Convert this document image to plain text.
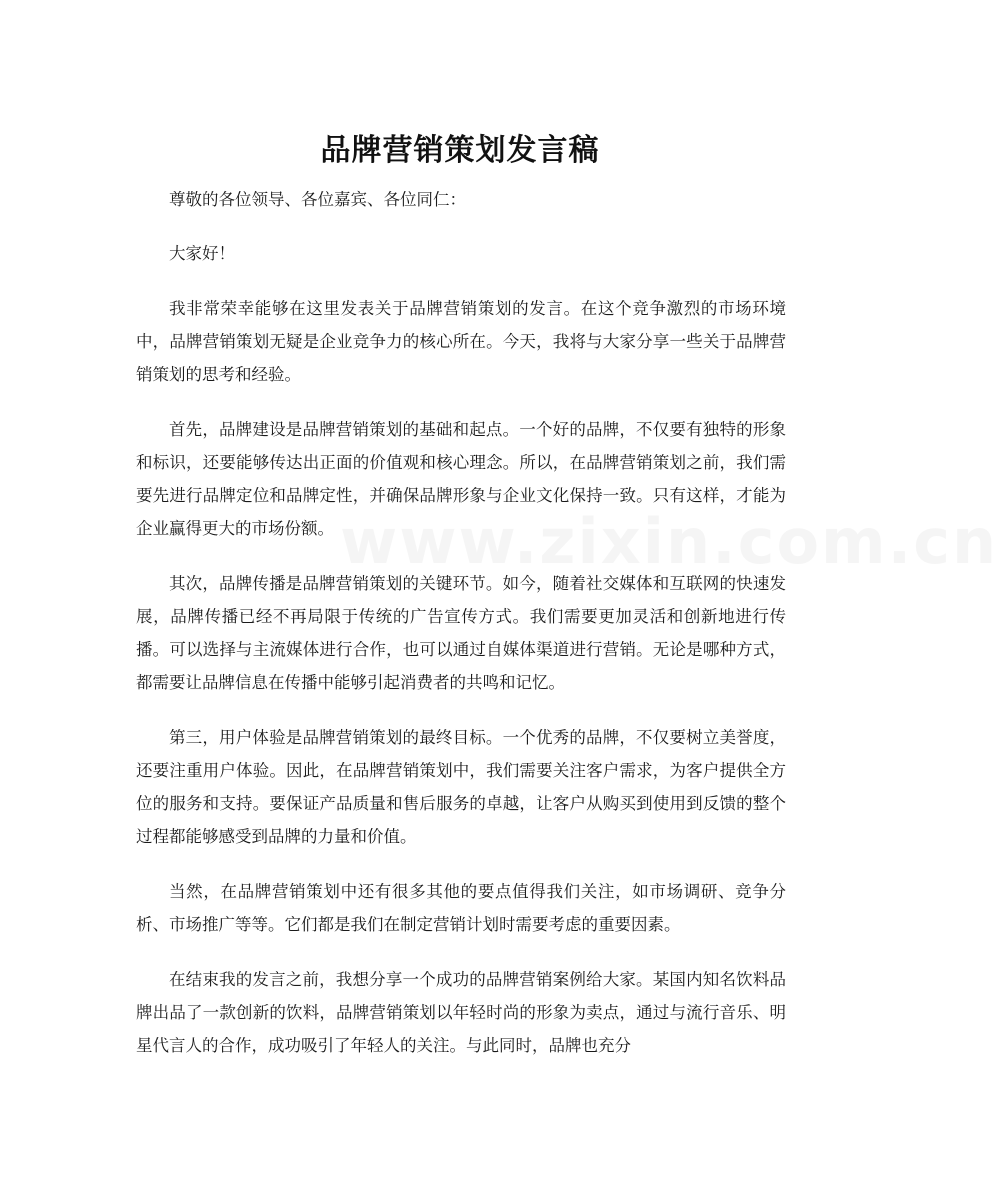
www.zixin.com.cn
品牌营销策划发言稿

尊敬的各位领导、各位嘉宾、各位同仁：

大家好！

我非常荣幸能够在这里发表关于品牌营销策划的发言。在这个竞争激烈的市场环境中，品牌营销策划无疑是企业竞争力的核心所在。今天，我将与大家分享一些关于品牌营销策划的思考和经验。

首先，品牌建设是品牌营销策划的基础和起点。一个好的品牌，不仅要有独特的形象和标识，还要能够传达出正面的价值观和核心理念。所以，在品牌营销策划之前，我们需要先进行品牌定位和品牌定性，并确保品牌形象与企业文化保持一致。只有这样，才能为企业赢得更大的市场份额。

其次，品牌传播是品牌营销策划的关键环节。如今，随着社交媒体和互联网的快速发展，品牌传播已经不再局限于传统的广告宣传方式。我们需要更加灵活和创新地进行传播。可以选择与主流媒体进行合作，也可以通过自媒体渠道进行营销。无论是哪种方式，都需要让品牌信息在传播中能够引起消费者的共鸣和记忆。

第三，用户体验是品牌营销策划的最终目标。一个优秀的品牌，不仅要树立美誉度，还要注重用户体验。因此，在品牌营销策划中，我们需要关注客户需求，为客户提供全方位的服务和支持。要保证产品质量和售后服务的卓越，让客户从购买到使用到反馈的整个过程都能够感受到品牌的力量和价值。

当然，在品牌营销策划中还有很多其他的要点值得我们关注，如市场调研、竞争分析、市场推广等等。它们都是我们在制定营销计划时需要考虑的重要因素。

在结束我的发言之前，我想分享一个成功的品牌营销案例给大家。某国内知名饮料品牌出品了一款创新的饮料，品牌营销策划以年轻时尚的形象为卖点，通过与流行音乐、明星代言人的合作，成功吸引了年轻人的关注。与此同时，品牌也充分
